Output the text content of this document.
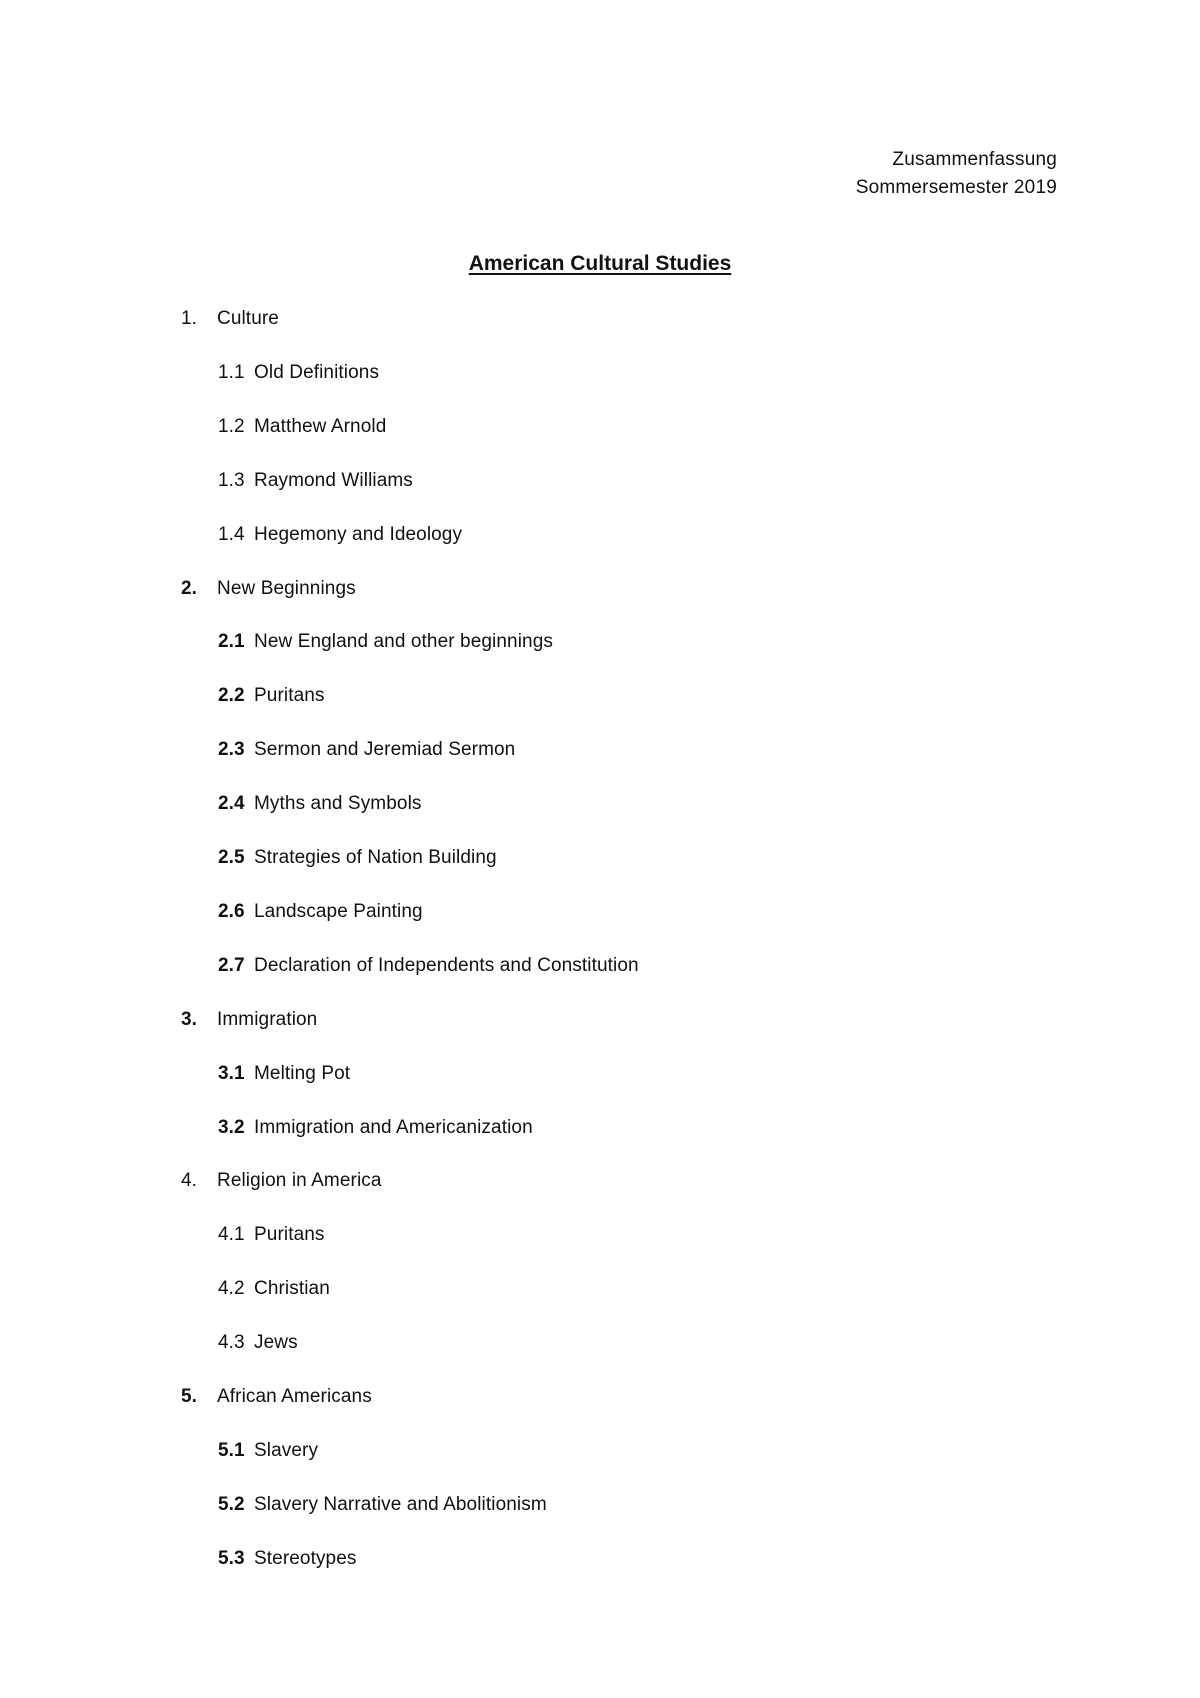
Zusammenfassung
Sommersemester 2019
American Cultural Studies
1. Culture
1.1 Old Definitions
1.2 Matthew Arnold
1.3 Raymond Williams
1.4 Hegemony and Ideology
2. New Beginnings
2.1 New England and other beginnings
2.2 Puritans
2.3 Sermon and Jeremiad Sermon
2.4 Myths and Symbols
2.5 Strategies of Nation Building
2.6 Landscape Painting
2.7 Declaration of Independents and Constitution
3. Immigration
3.1 Melting Pot
3.2 Immigration and Americanization
4. Religion in America
4.1 Puritans
4.2 Christian
4.3 Jews
5. African Americans
5.1 Slavery
5.2 Slavery Narrative and Abolitionism
5.3 Stereotypes
